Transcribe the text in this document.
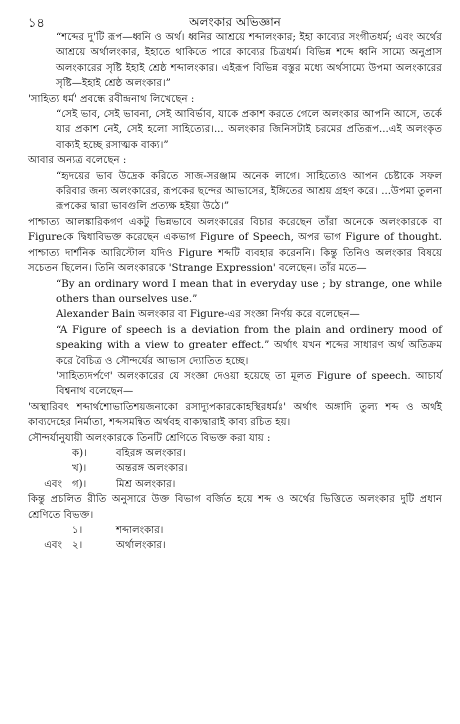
১৪	অলংকার অভিজ্ঞান

“শব্দের দু'টি রূপ—ধ্বনি ও অর্থ। ধ্বনির আশ্রয়ে শব্দালংকার; ইহা কাব্যের সংগীতধর্ম; এবং অর্থের আশ্রয়ে অর্থালংকার, ইহাতে থাকিতে পারে কাব্যের চিত্রধর্ম। বিভিন্ন শব্দে ধ্বনি সাম্যে অনুপ্রাস অলংকারের সৃষ্টি ইহাই শ্রেষ্ঠ শব্দালংকার। এইরূপ বিভিন্ন বস্তুর মধ্যে অর্থসাম্যে উপমা অলংকারের সৃষ্টি—ইহাই শ্রেষ্ঠ অলংকার।”

'সাহিত্য ধর্ম' প্রবন্ধে রবীন্দ্রনাথ লিখেছেন :

“সেই ভাব, সেই ভাবনা, সেই আবির্ভাব, যাকে প্রকাশ করতে গেলে অলংকার আপনি আসে, তর্কে যার প্রকাশ নেই, সেই হলো সাহিত্যের।... অলংকার জিনিসটাই চরমের প্রতিরূপ...এই অলংকৃত বাক্যই হচ্ছে রসাত্মক বাক্য।”

আবার অন্যত্র বলেছেন :

“হৃদয়ের ভাব উদ্রেক করিতে সাজ-সরঞ্জাম অনেক লাগে। সাহিত্যেও আপন চেষ্টাকে সফল করিবার জন্য অলংকারের, রূপকের ছন্দের আভাসের, ইঙ্গিতের আশ্রয় গ্রহণ করে। ...উপমা তুলনা রূপকের দ্বারা ভাবগুলি প্রত্যক্ষ হইয়া উঠে।”

পাশ্চাত্য আলঙ্কারিকগণ একটু ভিন্নভাবে অলংকারের বিচার করেছেন তাঁরা অনেকে অলংকারকে বা Figureকে দ্বিধাবিভক্ত করেছেন একভাগ Figure of Speech, অপর ভাগ Figure of thought. পাশ্চাত্য দার্শনিক আরিস্টোল যদিও Figure শব্দটি ব্যবহার করেননি। কিন্তু তিনিও অলংকার বিষয়ে সচেতন ছিলেন। তিনি অলংকারকে 'Strange Expression' বলেছেন। তাঁর মতে—

“By an ordinary word I mean that in everyday use ; by strange, one while others than ourselves use.”

Alexander Bain অলংকার বা Figure-এর সংজ্ঞা নির্ণয় করে বলেছেন—

“A Figure of speech is a deviation from the plain and ordinery mood of speaking with a view to greater effect.” অর্থাৎ যখন শব্দের সাধারণ অর্থ অতিক্রম করে বৈচিত্র ও সৌন্দর্যের আভাস দ্যোতিত হচ্ছে।

'সাহিত্যদর্পণে' অলংকারের যে সংজ্ঞা দেওয়া হয়েছে তা মূলত Figure of speech. আচার্য বিশ্বনাথ বলেছেন—

'অস্থারিবৎ শব্দার্থশোভাতিশয়জনাকো রসাদ্যুপকারকোহস্থিরধর্মঃ' অর্থাৎ অঙ্গাদি তুল্য শব্দ ও অর্থই কাব্যদেহের নির্মাতা, শব্দসমন্বিত অর্থবহ বাক্যদ্বারাই কাব্য রচিত হয়।

সৌন্দর্যানুযায়ী অলংকারকে তিনটি শ্রেণিতে বিভক্ত করা যায় :

ক)।	বহিরঙ্গ অলংকার।
খ)।	অন্তরঙ্গ অলংকার।
এবং গ)।	মিশ্র অলংকার।

কিন্তু প্রচলিত রীতি অনুসারে উক্ত বিভাগ বর্জিত হয়ে শব্দ ও অর্থের ভিত্তিতে অলংকার দুটি প্রধান শ্রেণিতে বিভক্ত।

১।	শব্দালংকার।
এবং ২।	অর্থালংকার।
